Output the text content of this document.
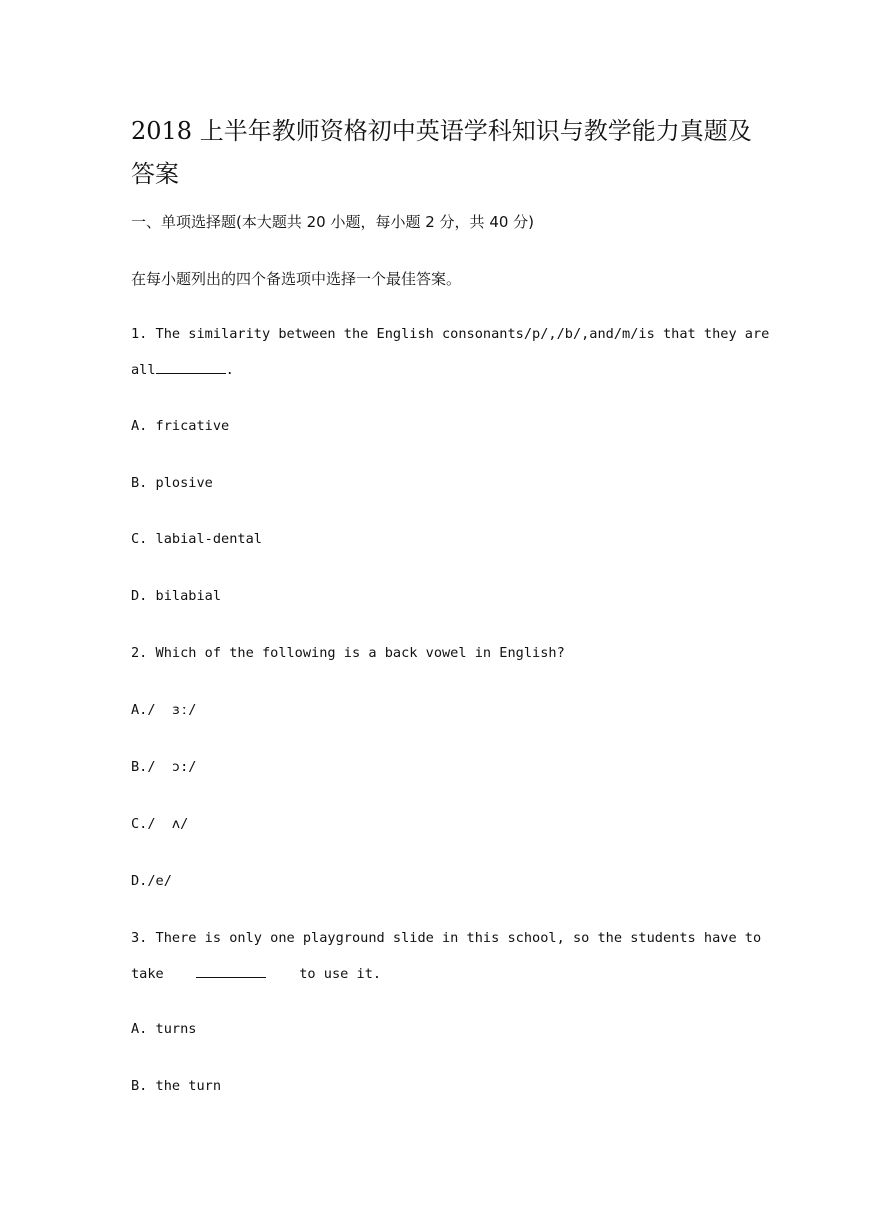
2018 上半年教师资格初中英语学科知识与教学能力真题及答案

一、单项选择题(本大题共 20 小题，每小题 2 分，共 40 分)

在每小题列出的四个备选项中选择一个最佳答案。

1. The similarity between the English consonants/p/,/b/,and/m/is that they are

all	.

A. fricative

B. plosive

C. labial-dental

D. bilabial

2. Which of the following is a back vowel in English?

A./  ɜː/

B./  ɔ:/

C./  ʌ/

D./e/

3. There is only one playground slide in this school, so the students have to

take	to use it.

A. turns

B. the turn
